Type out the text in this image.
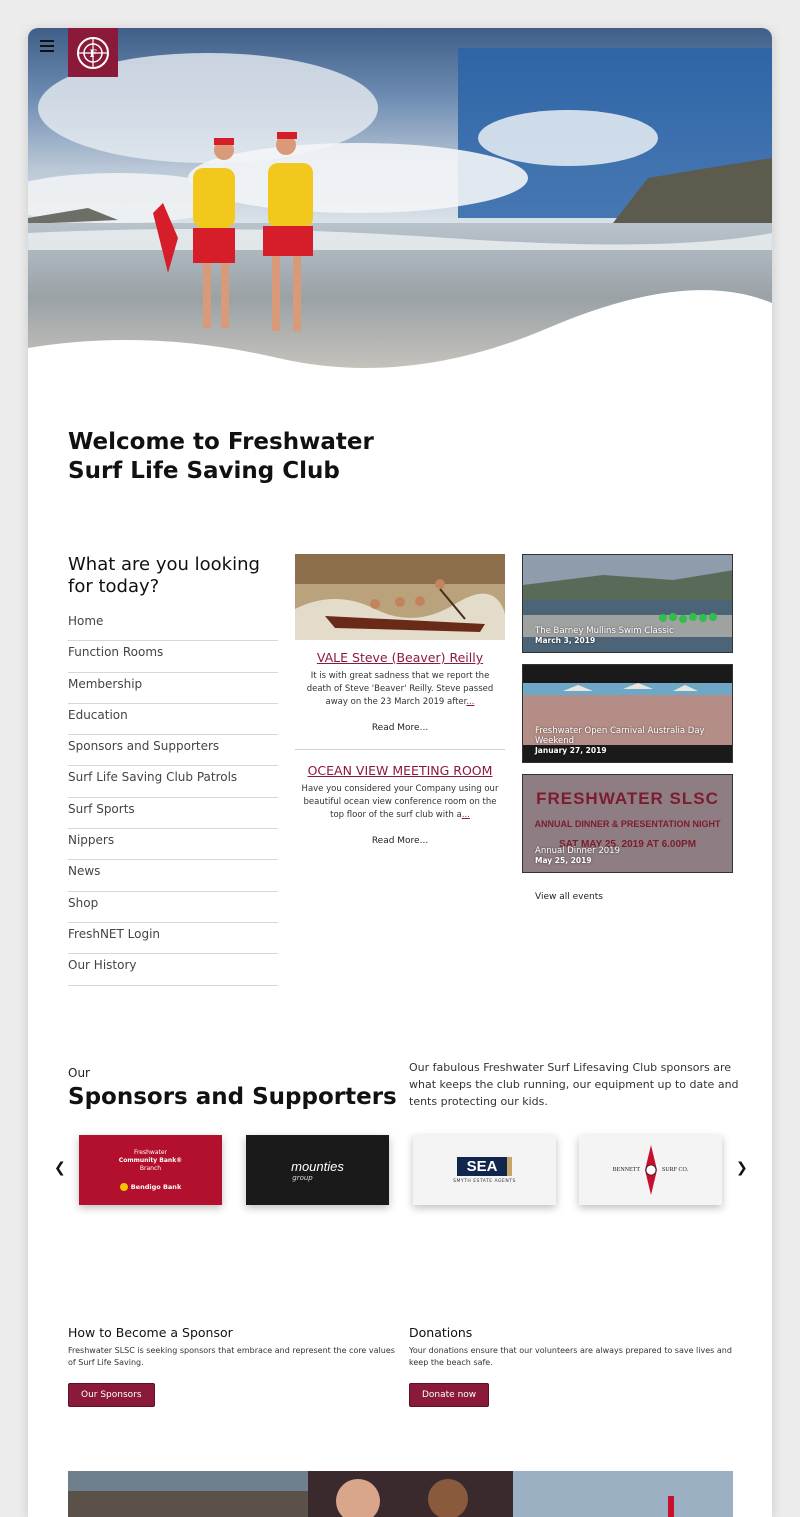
F
Welcome to Freshwater
Surf Life Saving Club
What are you looking for today?
Home
Function Rooms
Membership
Education
Sponsors and Supporters
Surf Life Saving Club Patrols
Surf Sports
Nippers
News
Shop
FreshNET Login
Our History
VALE Steve (Beaver) Reilly
It is with great sadness that we report the death of Steve 'Beaver' Reilly. Steve passed away on the 23 March 2019 after...
Read More...
OCEAN VIEW MEETING ROOM
Have you considered your Company using our beautiful ocean view conference room on the top floor of the surf club with a...
Read More...
The Barney Mullins Swim Classic
March 3, 2019
Freshwater Open Carnival Australia Day Weekend
January 27, 2019
FRESHWATER SLSC
ANNUAL DINNER & PRESENTATION NIGHT
SAT MAY 25, 2019 AT 6.00PM
Annual Dinner 2019
May 25, 2019
View all events
Our
Sponsors and Supporters
Our fabulous Freshwater Surf Lifesaving Club sponsors are what keeps the club running, our equipment up to date and tents protecting our kids.
❮	❯
Freshwater
Community Bank®
Branch
Bendigo Bank
mounties
group
SEA
SMYTH ESTATE AGENTS
BENNETT	SURF CO.
How to Become a Sponsor

Freshwater SLSC is seeking sponsors that embrace and represent the core values of Surf Life Saving.

Our Sponsors
Donations

Your donations ensure that our volunteers are always prepared to save lives and keep the beach safe.

Donate now
